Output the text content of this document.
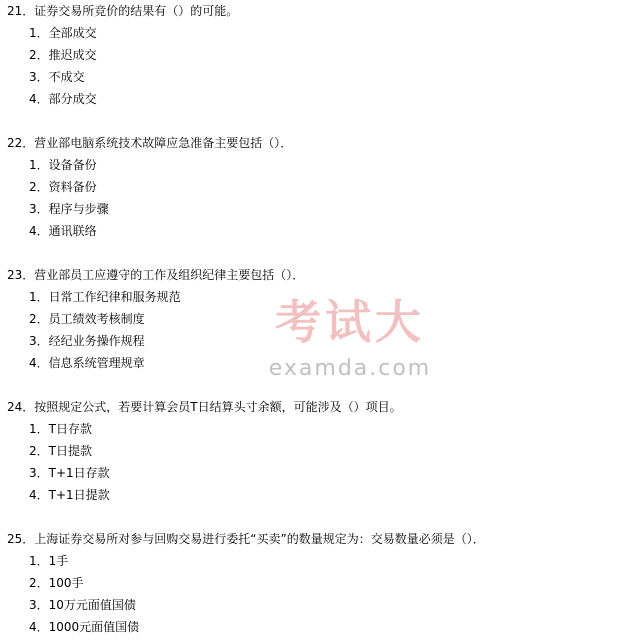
21．证券交易所竞价的结果有（）的可能。
1．全部成交
2．推迟成交
3．不成交
4．部分成交
22．营业部电脑系统技术故障应急准备主要包括（）．
1．设备备份
2．资料备份
3．程序与步骤
4．通讯联络
23．营业部员工应遵守的工作及组织纪律主要包括（）．
1．日常工作纪律和服务规范
2．员工绩效考核制度
3．经纪业务操作规程
4．信息系统管理规章
24．按照规定公式，若要计算会员T日结算头寸余额，可能涉及（）项目。
1．T日存款
2．T日提款
3．T+1日存款
4．T+1日提款
25．上海证券交易所对参与回购交易进行委托“买卖”的数量规定为：交易数量必须是（）．
1．1手
2．100手
3．10万元面值国债
4．1000元面值国债
考试大
examda.com
